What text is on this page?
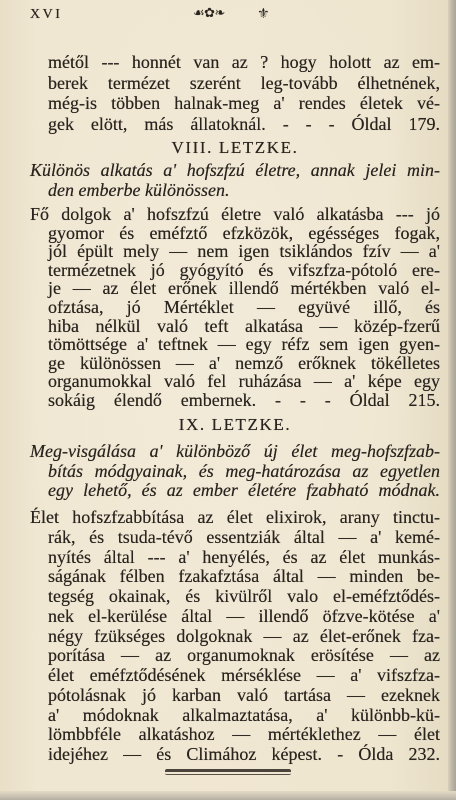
XVI
☙✿❧
⚜
métől --- honnét van az ? hogy holott az em-
berek termézet szerént leg-tovább élhetnének,
még-is többen halnak-meg a' rendes életek vé-
gek elött, más állatoknál. - - - Óldal 179.
VIII. LETZKE.
Különös alkatás a' hofszfzú életre, annak jelei min-
den emberbe különössen.
Fő dolgok a' hofszfzú életre való alkatásba --- jó
gyomor és eméfztő efzközök, egésséges fogak,
jól épült mely — nem igen tsiklándos fzív — a'
termézetnek jó gyógyító és vifszfza-pótoló ere-
je — az élet erőnek illendő mértékben való el-
ofztása, jó Mértéklet — együvé illő, és
hiba nélkül való teft alkatása — közép-fzerű
tömöttsége a' teftnek — egy réfz sem igen gyen-
ge különössen — a' nemző erőknek tökélletes
organumokkal való fel ruházása — a' képe egy
sokáig élendő embernek. - - - Óldal 215.
IX. LETZKE.
Meg-visgálása a' különböző új élet meg-hofszfzab-
bítás módgyainak, és meg-határozása az egyetlen
egy lehető, és az ember életére fzabható módnak.
Élet hofszfzabbítása az élet elixirok, arany tinctu-
rák, és tsuda-tévő essentziák által — a' kemé-
nyítés által --- a' henyélés, és az élet munkás-
ságának félben fzakafztása által — minden be-
tegség okainak, és kivülről valo el-eméfztődés-
nek el-kerülése által — illendő öfzve-kötése a'
négy fzükséges dolgoknak — az élet-erőnek fza-
porítása — az organumoknak erösítése — az
élet eméfztődésének mérséklése — a' vifszfza-
pótolásnak jó karban való tartása — ezeknek
a' módoknak alkalmaztatása, a' különbb-kü-
lömbbféle alkatáshoz — mértéklethez — élet
idejéhez — és Climához képest. - Ólda 232.
